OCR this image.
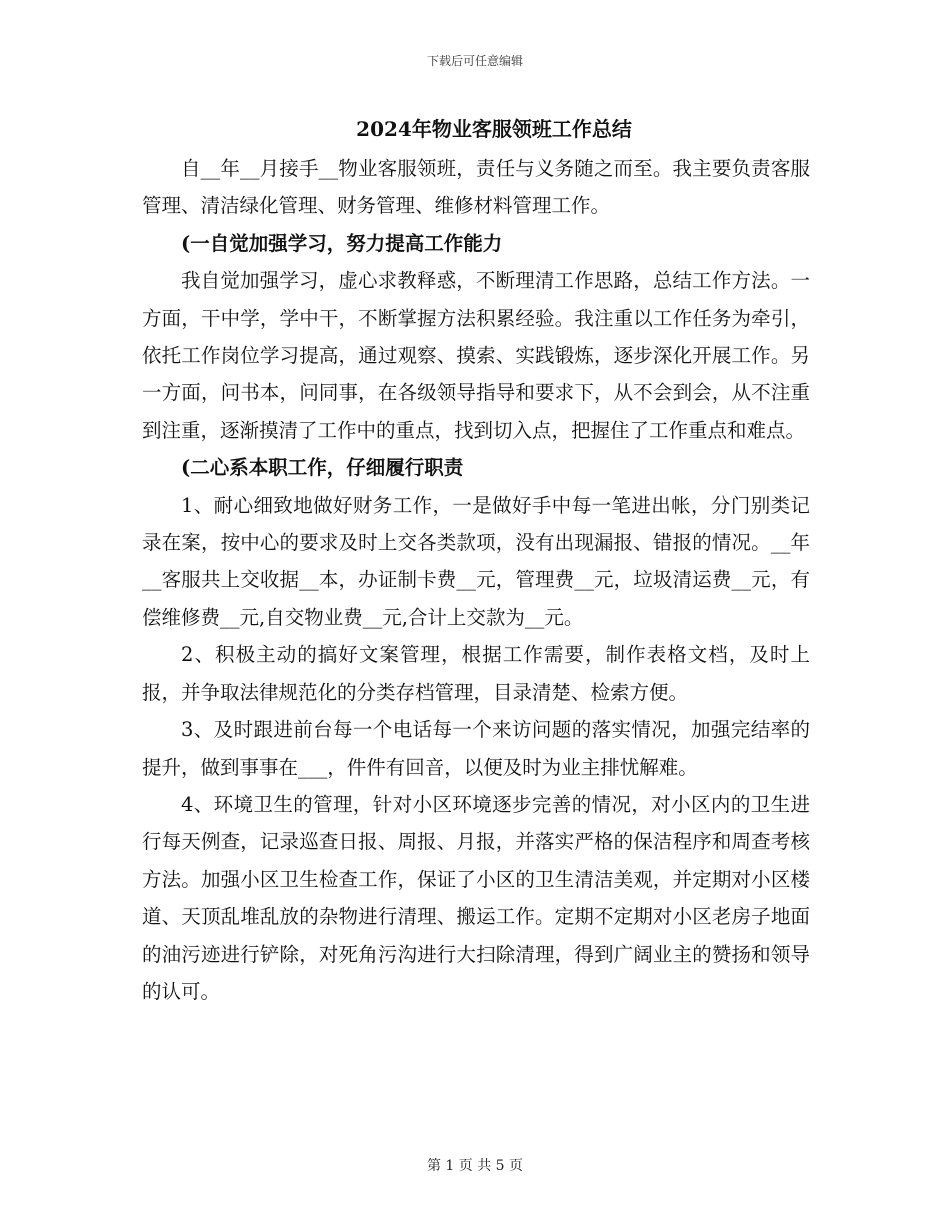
下载后可任意编辑
2024年物业客服领班工作总结

自__年__月接手__物业客服领班，责任与义务随之而至。我主要负责客服管理、清洁绿化管理、财务管理、维修材料管理工作。

(一自觉加强学习，努力提高工作能力

我自觉加强学习，虚心求教释惑，不断理清工作思路，总结工作方法。一方面，干中学，学中干，不断掌握方法积累经验。我注重以工作任务为牵引，依托工作岗位学习提高，通过观察、摸索、实践锻炼，逐步深化开展工作。另一方面，问书本，问同事，在各级领导指导和要求下，从不会到会，从不注重到注重，逐渐摸清了工作中的重点，找到切入点，把握住了工作重点和难点。

(二心系本职工作，仔细履行职责

1、耐心细致地做好财务工作，一是做好手中每一笔进出帐，分门别类记录在案，按中心的要求及时上交各类款项，没有出现漏报、错报的情况。__年__客服共上交收据__本，办证制卡费__元，管理费__元，垃圾清运费__元，有偿维修费__元,自交物业费__元,合计上交款为__元。

2、积极主动的搞好文案管理，根据工作需要，制作表格文档，及时上报，并争取法律规范化的分类存档管理，目录清楚、检索方便。

3、及时跟进前台每一个电话每一个来访问题的落实情况，加强完结率的提升，做到事事在___，件件有回音，以便及时为业主排忧解难。

4、环境卫生的管理，针对小区环境逐步完善的情况，对小区内的卫生进行每天例查，记录巡查日报、周报、月报，并落实严格的保洁程序和周查考核方法。加强小区卫生检查工作，保证了小区的卫生清洁美观，并定期对小区楼道、天顶乱堆乱放的杂物进行清理、搬运工作。定期不定期对小区老房子地面的油污迹进行铲除，对死角污沟进行大扫除清理，得到广阔业主的赞扬和领导的认可。

第 1 页 共 5 页
